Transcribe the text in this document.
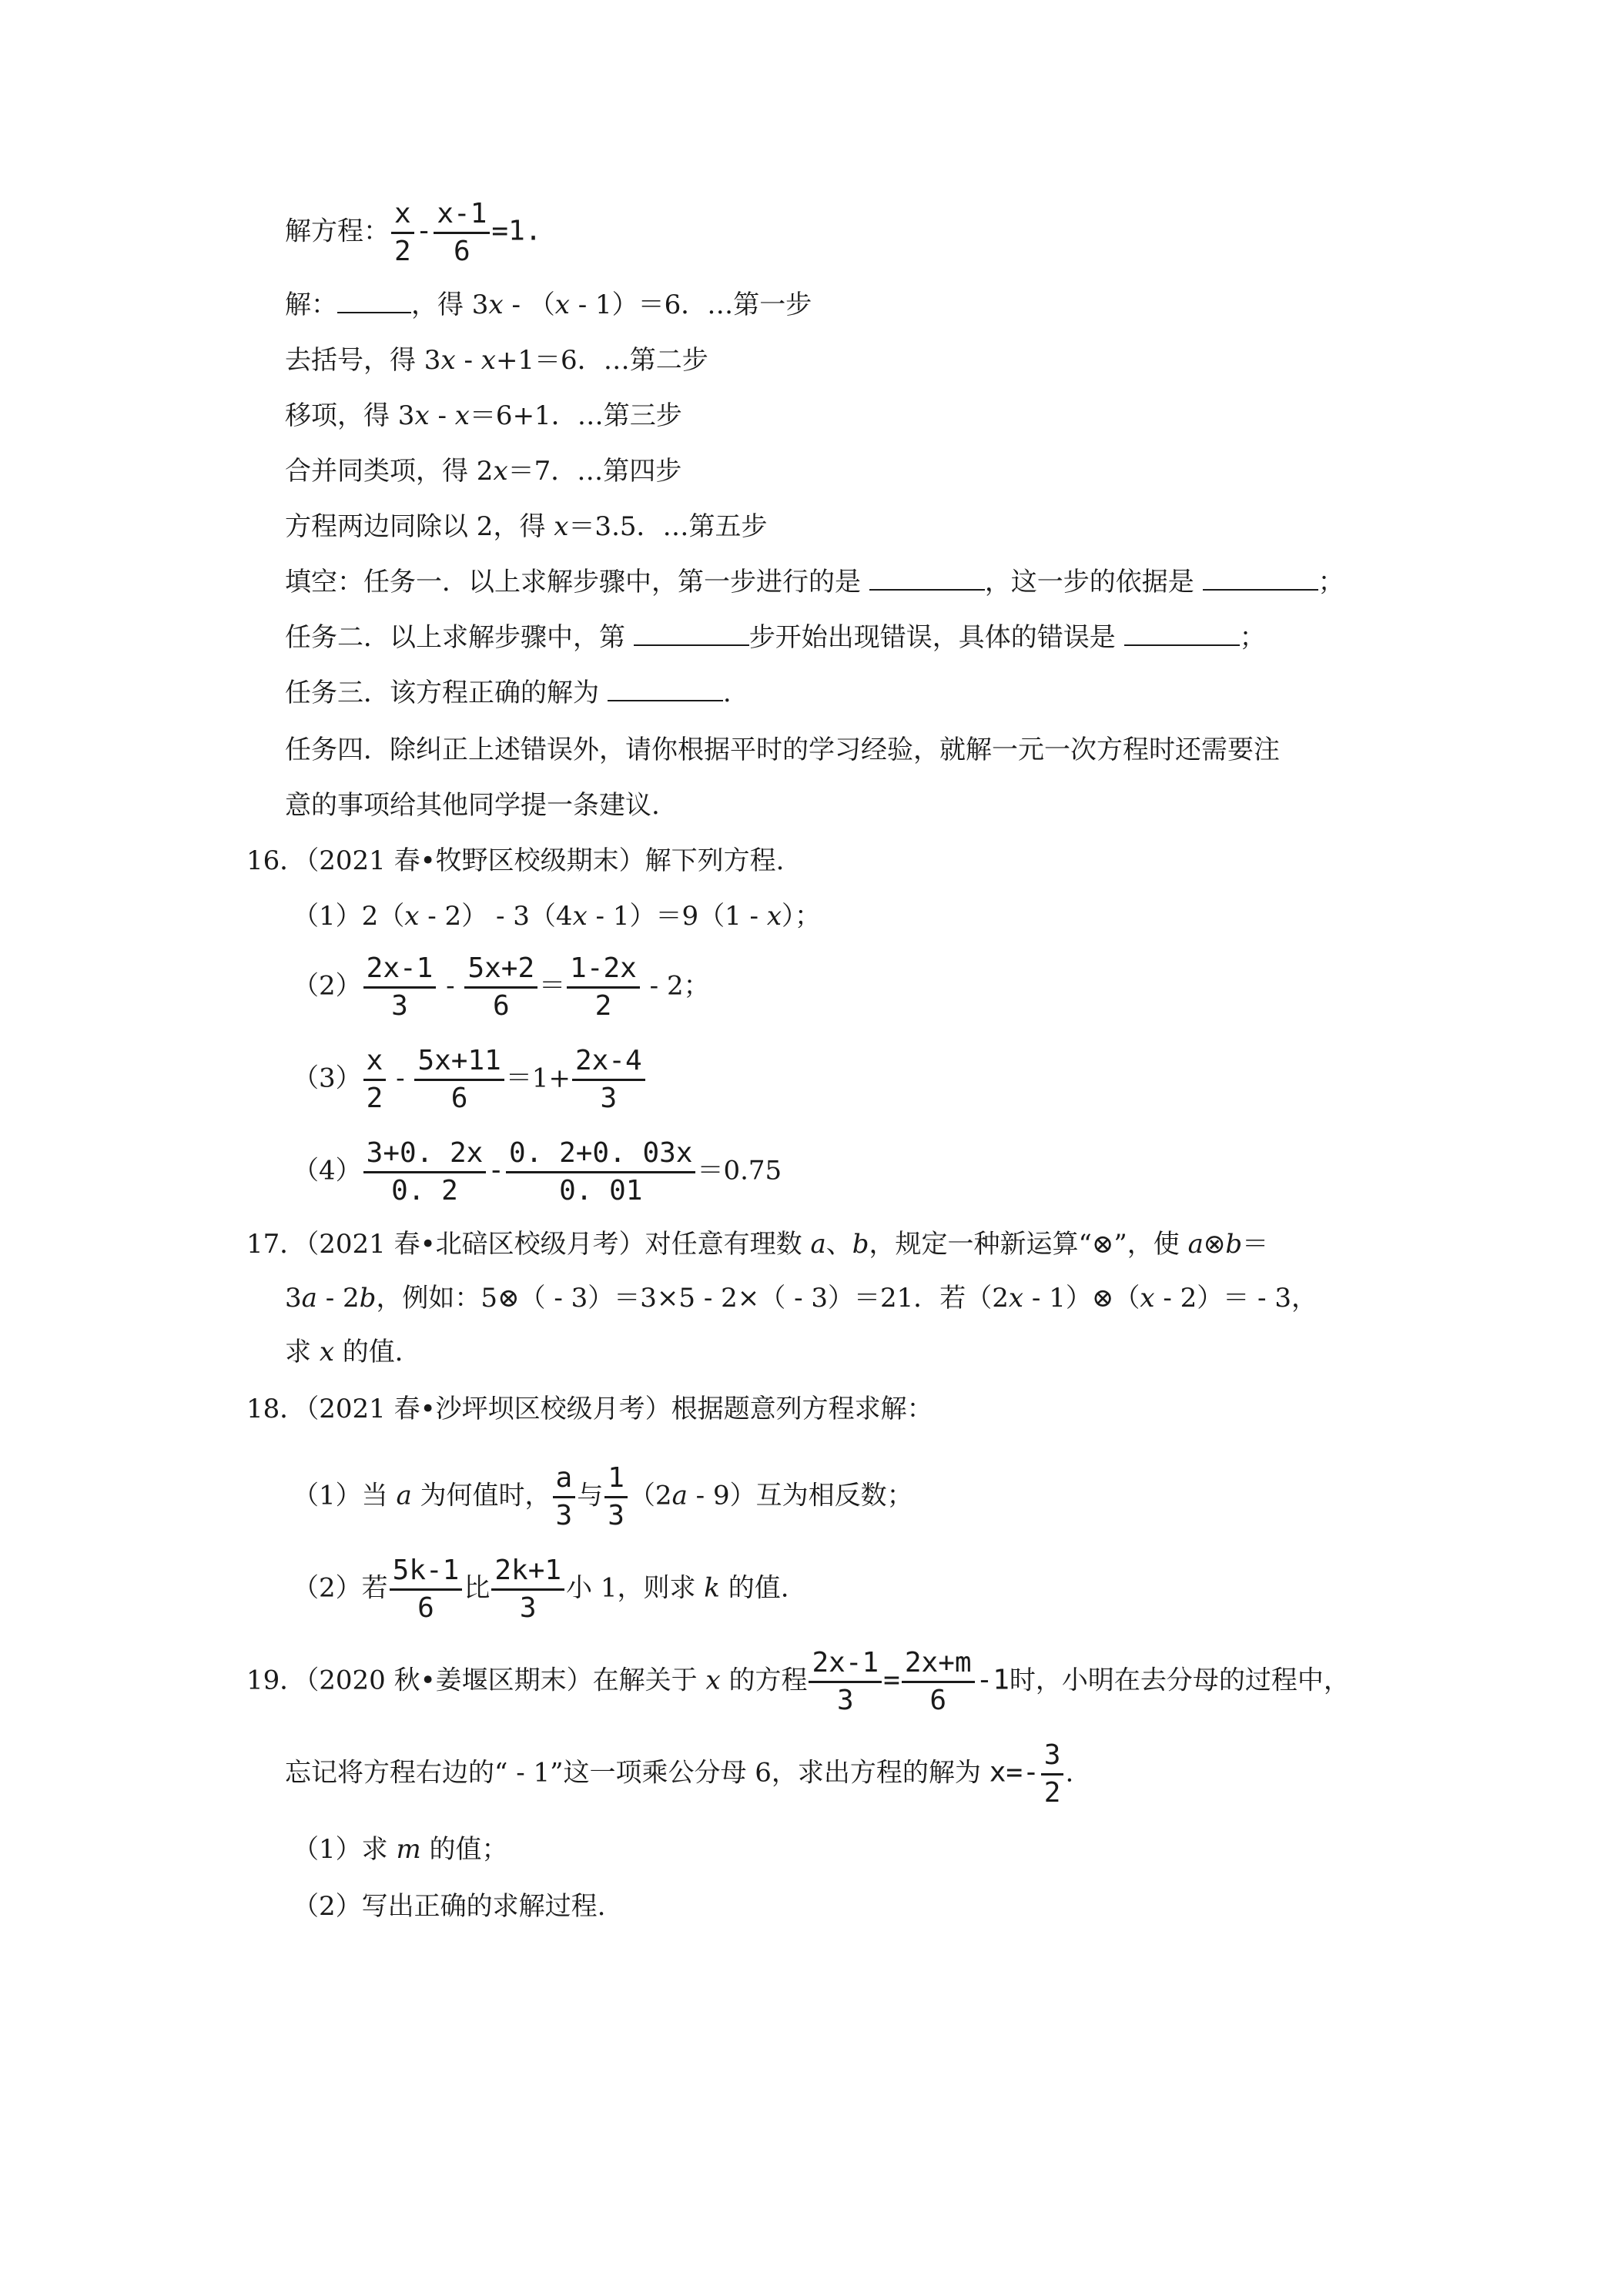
解方程： $\frac{x}{2} - \frac{x-1}{6} =1$.
解：	，得 3x - （x - 1）＝6．…第一步
去括号，得 3x - x+1＝6．…第二步
移项，得 3x - x＝6+1．…第三步
合并同类项，得 2x＝7．…第四步
方程两边同除以 2，得 x＝3.5．…第五步
填空：任务一．以上求解步骤中，第一步进行的是	，这一步的依据是	；
任务二．以上求解步骤中，第	步开始出现错误，具体的错误是	；
任务三．该方程正确的解为	.
任务四．除纠正上述错误外，请你根据平时的学习经验，就解一元一次方程时还需要注
意的事项给其他同学提一条建议.
16．（2021 春•牧野区校级期末）解下列方程.
（1）2（x - 2） - 3（4x - 1）＝9（1 - x）；
$(2) \frac{2x-1}{3} - \frac{5x+2}{6} = \frac{1-2x}{2} - 2$；
$(3) \frac{x}{2} - \frac{5x+11}{6} =1+ \frac{2x-4}{3}$
$(4) \frac{3+0. 2x}{0. 2} - \frac{0. 2+0. 03x}{0. 01} =0.75$
17．（2021 春•北碚区校级月考）对任意有理数 a、b，规定一种新运算“⊗”，使 a⊗b＝
3a - 2b，例如：5⊗（ - 3）＝3×5 - 2×（ - 3）＝21．若（2x - 1）⊗（x - 2）＝ - 3，
求 x 的值．
18．（2021 春•沙坪坝区校级月考）根据题意列方程求解：
（1）当 a 为何值时， $\frac{a}{3}$ 与 $\frac{1}{3} (2a - 9)$互为相反数；
（2）若 $\frac{5k-1}{6}$ 比 $\frac{2k+1}{3}$ 小 1，则求 k 的值.
19．（2020 秋•姜堰区期末）在解关于 x 的方程 $\frac{2x-1}{3} = \frac{2x+m}{6} -1$时，小明在去分母的过程中，
忘记将方程右边的“ - 1”这一项乘公分母 6，求出方程的解为 $x=- \frac{3}{2}$ .
（1）求 m 的值；
（2）写出正确的求解过程.
